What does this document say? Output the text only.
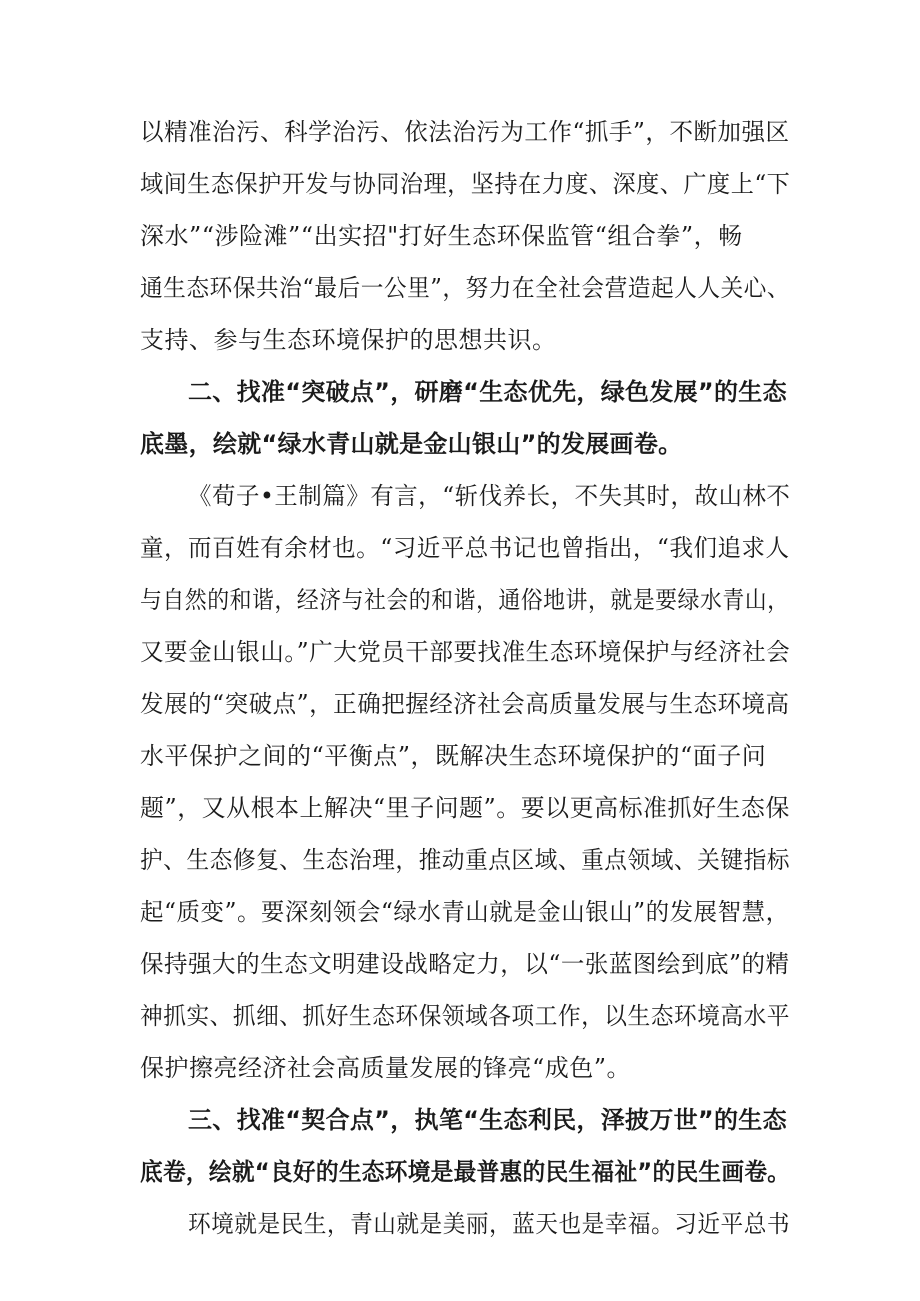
以精准治污、科学治污、依法治污为工作“抓手”，不断加强区
域间生态保护开发与协同治理，坚持在力度、深度、广度上“下
深水”“涉险滩”“出实招"打好生态环保监管“组合拳”，畅
通生态环保共治“最后一公里”，努力在全社会营造起人人关心、
支持、参与生态环境保护的思想共识。
二、找准“突破点”，研磨“生态优先，绿色发展”的生态
底墨，绘就“绿水青山就是金山银山”的发展画卷。
《荀子•王制篇》有言，“斩伐养长，不失其时，故山林不
童，而百姓有余材也。“习近平总书记也曾指出，“我们追求人
与自然的和谐，经济与社会的和谐，通俗地讲，就是要绿水青山，
又要金山银山。”广大党员干部要找准生态环境保护与经济社会
发展的“突破点”，正确把握经济社会高质量发展与生态环境高
水平保护之间的“平衡点”，既解决生态环境保护的“面子问
题”，又从根本上解决“里子问题”。要以更高标准抓好生态保
护、生态修复、生态治理，推动重点区域、重点领域、关键指标
起“质变”。要深刻领会“绿水青山就是金山银山”的发展智慧，
保持强大的生态文明建设战略定力，以“一张蓝图绘到底”的精
神抓实、抓细、抓好生态环保领域各项工作，以生态环境高水平
保护擦亮经济社会高质量发展的锋亮“成色”。
三、找准“契合点”，执笔“生态利民，泽披万世”的生态
底卷，绘就“良好的生态环境是最普惠的民生福祉”的民生画卷。
环境就是民生，青山就是美丽，蓝天也是幸福。习近平总书
